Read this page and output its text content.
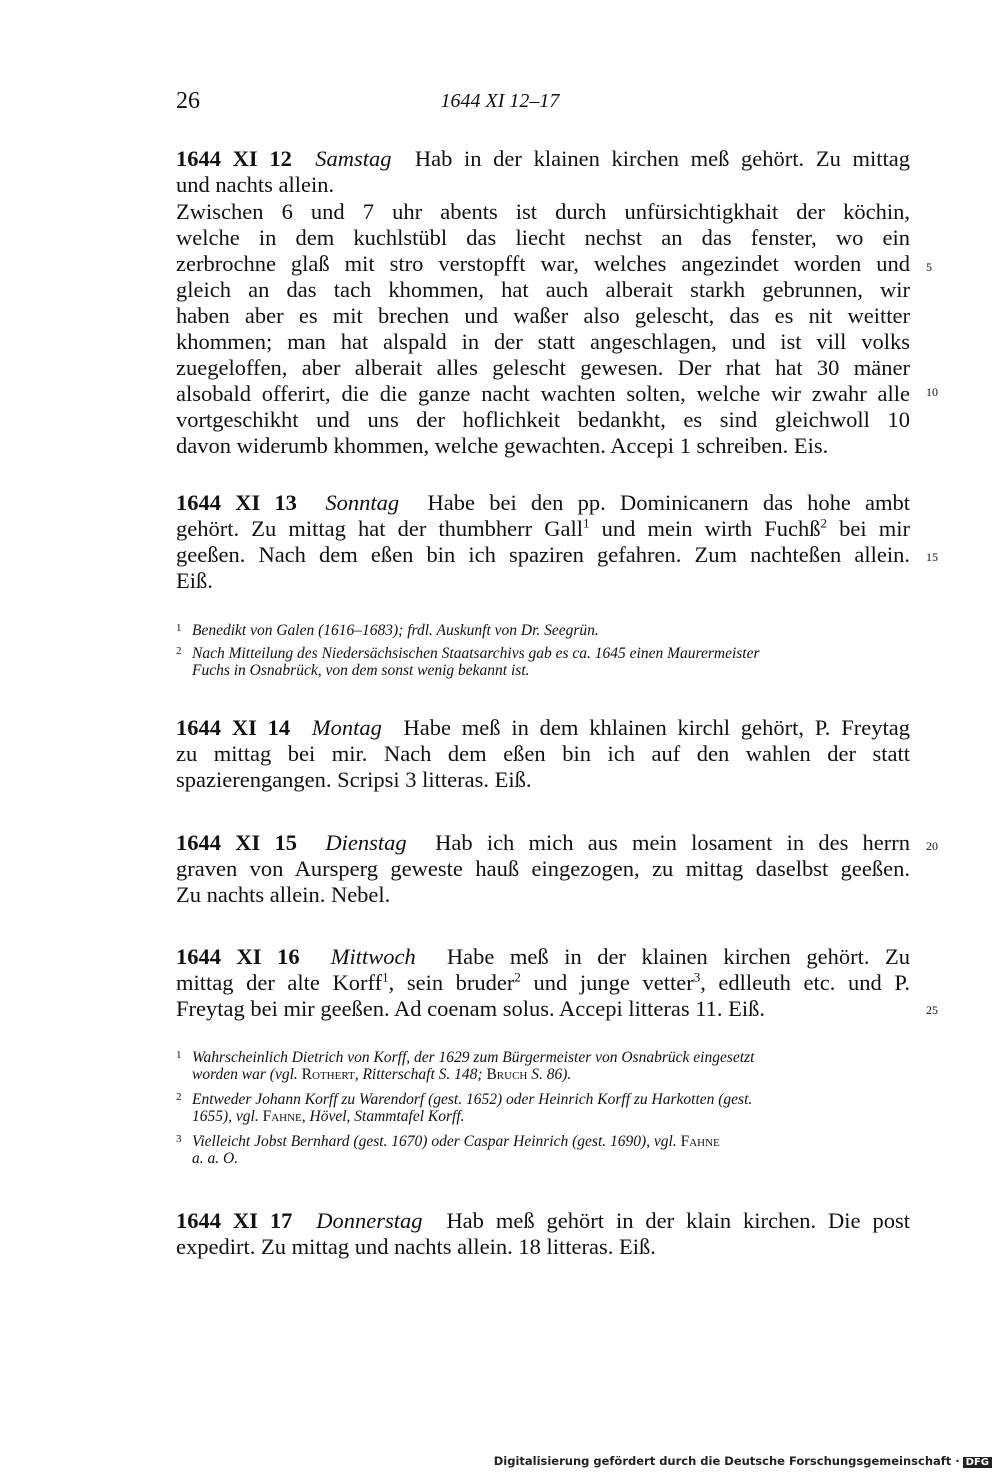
26	1644 XI 12–17
1644 XI 12 Samstag Hab in der klainen kirchen meß gehört. Zu mittag
und nachts allein.
Zwischen 6 und 7 uhr abents ist durch unfürsichtigkhait der köchin,
welche in dem kuchlstübl das liecht nechst an das fenster, wo ein
zerbrochne glaß mit stro verstopfft war, welches angezindet worden und
gleich an das tach khommen, hat auch alberait starkh gebrunnen, wir
haben aber es mit brechen und waßer also gelescht, das es nit weitter
khommen; man hat alspald in der statt angeschlagen, und ist vill volks
zuegeloffen, aber alberait alles gelescht gewesen. Der rhat hat 30 mäner
alsobald offerirt, die die ganze nacht wachten solten, welche wir zwahr alle
vortgeschikht und uns der hoflichkeit bedankht, es sind gleichwoll 10
davon widerumb khommen, welche gewachten. Accepi 1 schreiben. Eis.
1644 XI 13 Sonntag Habe bei den pp. Dominicanern das hohe ambt
gehört. Zu mittag hat der thumbherr Gall$^1$ und mein wirth Fuchß$^2$ bei mir
geeßen. Nach dem eßen bin ich spaziren gefahren. Zum nachteßen allein.
Eiß.
1 Benedikt von Galen (1616–1683); frdl. Auskunft von Dr. Seegrün.
2 Nach Mitteilung des Niedersächsischen Staatsarchivs gab es ca. 1645 einen Maurermeister
Fuchs in Osnabrück, von dem sonst wenig bekannt ist.
1644 XI 14 Montag Habe meß in dem khlainen kirchl gehört, P. Freytag
zu mittag bei mir. Nach dem eßen bin ich auf den wahlen der statt
spazierengangen. Scripsi 3 litteras. Eiß.
1644 XI 15 Dienstag Hab ich mich aus mein losament in des herrn
graven von Aursperg geweste hauß eingezogen, zu mittag daselbst geeßen.
Zu nachts allein. Nebel.
1644 XI 16 Mittwoch Habe meß in der klainen kirchen gehört. Zu
mittag der alte Korff$^1$, sein bruder$^2$ und junge vetter$^3$, edlleuth etc. und P.
Freytag bei mir geeßen. Ad coenam solus. Accepi litteras 11. Eiß.
1 Wahrscheinlich Dietrich von Korff, der 1629 zum Bürgermeister von Osnabrück eingesetzt
worden war (vgl. Rothert, Ritterschaft S. 148; Bruch S. 86).
2 Entweder Johann Korff zu Warendorf (gest. 1652) oder Heinrich Korff zu Harkotten (gest.
1655), vgl. Fahne, Hövel, Stammtafel Korff.
3 Vielleicht Jobst Bernhard (gest. 1670) oder Caspar Heinrich (gest. 1690), vgl. Fahne
a. a. O.
1644 XI 17 Donnerstag Hab meß gehört in der klain kirchen. Die post
expedirt. Zu mittag und nachts allein. 18 litteras. Eiß.
5
10
15
20
25
Digitalisierung gefördert durch die Deutsche Forschungsgemeinschaft · DFG
